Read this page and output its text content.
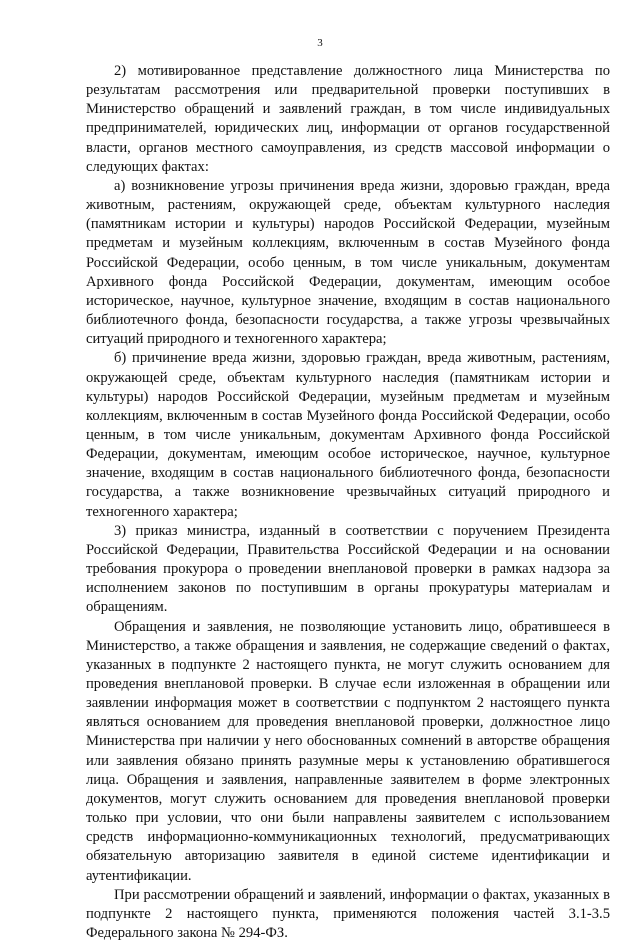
3

2) мотивированное представление должностного лица Министерства по результатам рассмотрения или предварительной проверки поступивших в Министерство обращений и заявлений граждан, в том числе индивидуальных предпринимателей, юридических лиц, информации от органов государственной власти, органов местного самоуправления, из средств массовой информации о следующих фактах:

а) возникновение угрозы причинения вреда жизни, здоровью граждан, вреда животным, растениям, окружающей среде, объектам культурного наследия (памятникам истории и культуры) народов Российской Федерации, музейным предметам и музейным коллекциям, включенным в состав Музейного фонда Российской Федерации, особо ценным, в том числе уникальным, документам Архивного фонда Российской Федерации, документам, имеющим особое историческое, научное, культурное значение, входящим в состав национального библиотечного фонда, безопасности государства, а также угрозы чрезвычайных ситуаций природного и техногенного характера;

б) причинение вреда жизни, здоровью граждан, вреда животным, растениям, окружающей среде, объектам культурного наследия (памятникам истории и культуры) народов Российской Федерации, музейным предметам и музейным коллекциям, включенным в состав Музейного фонда Российской Федерации, особо ценным, в том числе уникальным, документам Архивного фонда Российской Федерации, документам, имеющим особое историческое, научное, культурное значение, входящим в состав национального библиотечного фонда, безопасности государства, а также возникновение чрезвычайных ситуаций природного и техногенного характера;

3) приказ министра, изданный в соответствии с поручением Президента Российской Федерации, Правительства Российской Федерации и на основании требования прокурора о проведении внеплановой проверки в рамках надзора за исполнением законов по поступившим в органы прокуратуры материалам и обращениям.

Обращения и заявления, не позволяющие установить лицо, обратившееся в Министерство, а также обращения и заявления, не содержащие сведений о фактах, указанных в подпункте 2 настоящего пункта, не могут служить основанием для проведения внеплановой проверки. В случае если изложенная в обращении или заявлении информация может в соответствии с подпунктом 2 настоящего пункта являться основанием для проведения внеплановой проверки, должностное лицо Министерства при наличии у него обоснованных сомнений в авторстве обращения или заявления обязано принять разумные меры к установлению обратившегося лица. Обращения и заявления, направленные заявителем в форме электронных документов, могут служить основанием для проведения внеплановой проверки только при условии, что они были направлены заявителем с использованием средств информационно-коммуникационных технологий, предусматривающих обязательную авторизацию заявителя в единой системе идентификации и аутентификации.

При рассмотрении обращений и заявлений, информации о фактах, указанных в подпункте 2 настоящего пункта, применяются положения частей 3.1-3.5 Федерального закона № 294-ФЗ.
